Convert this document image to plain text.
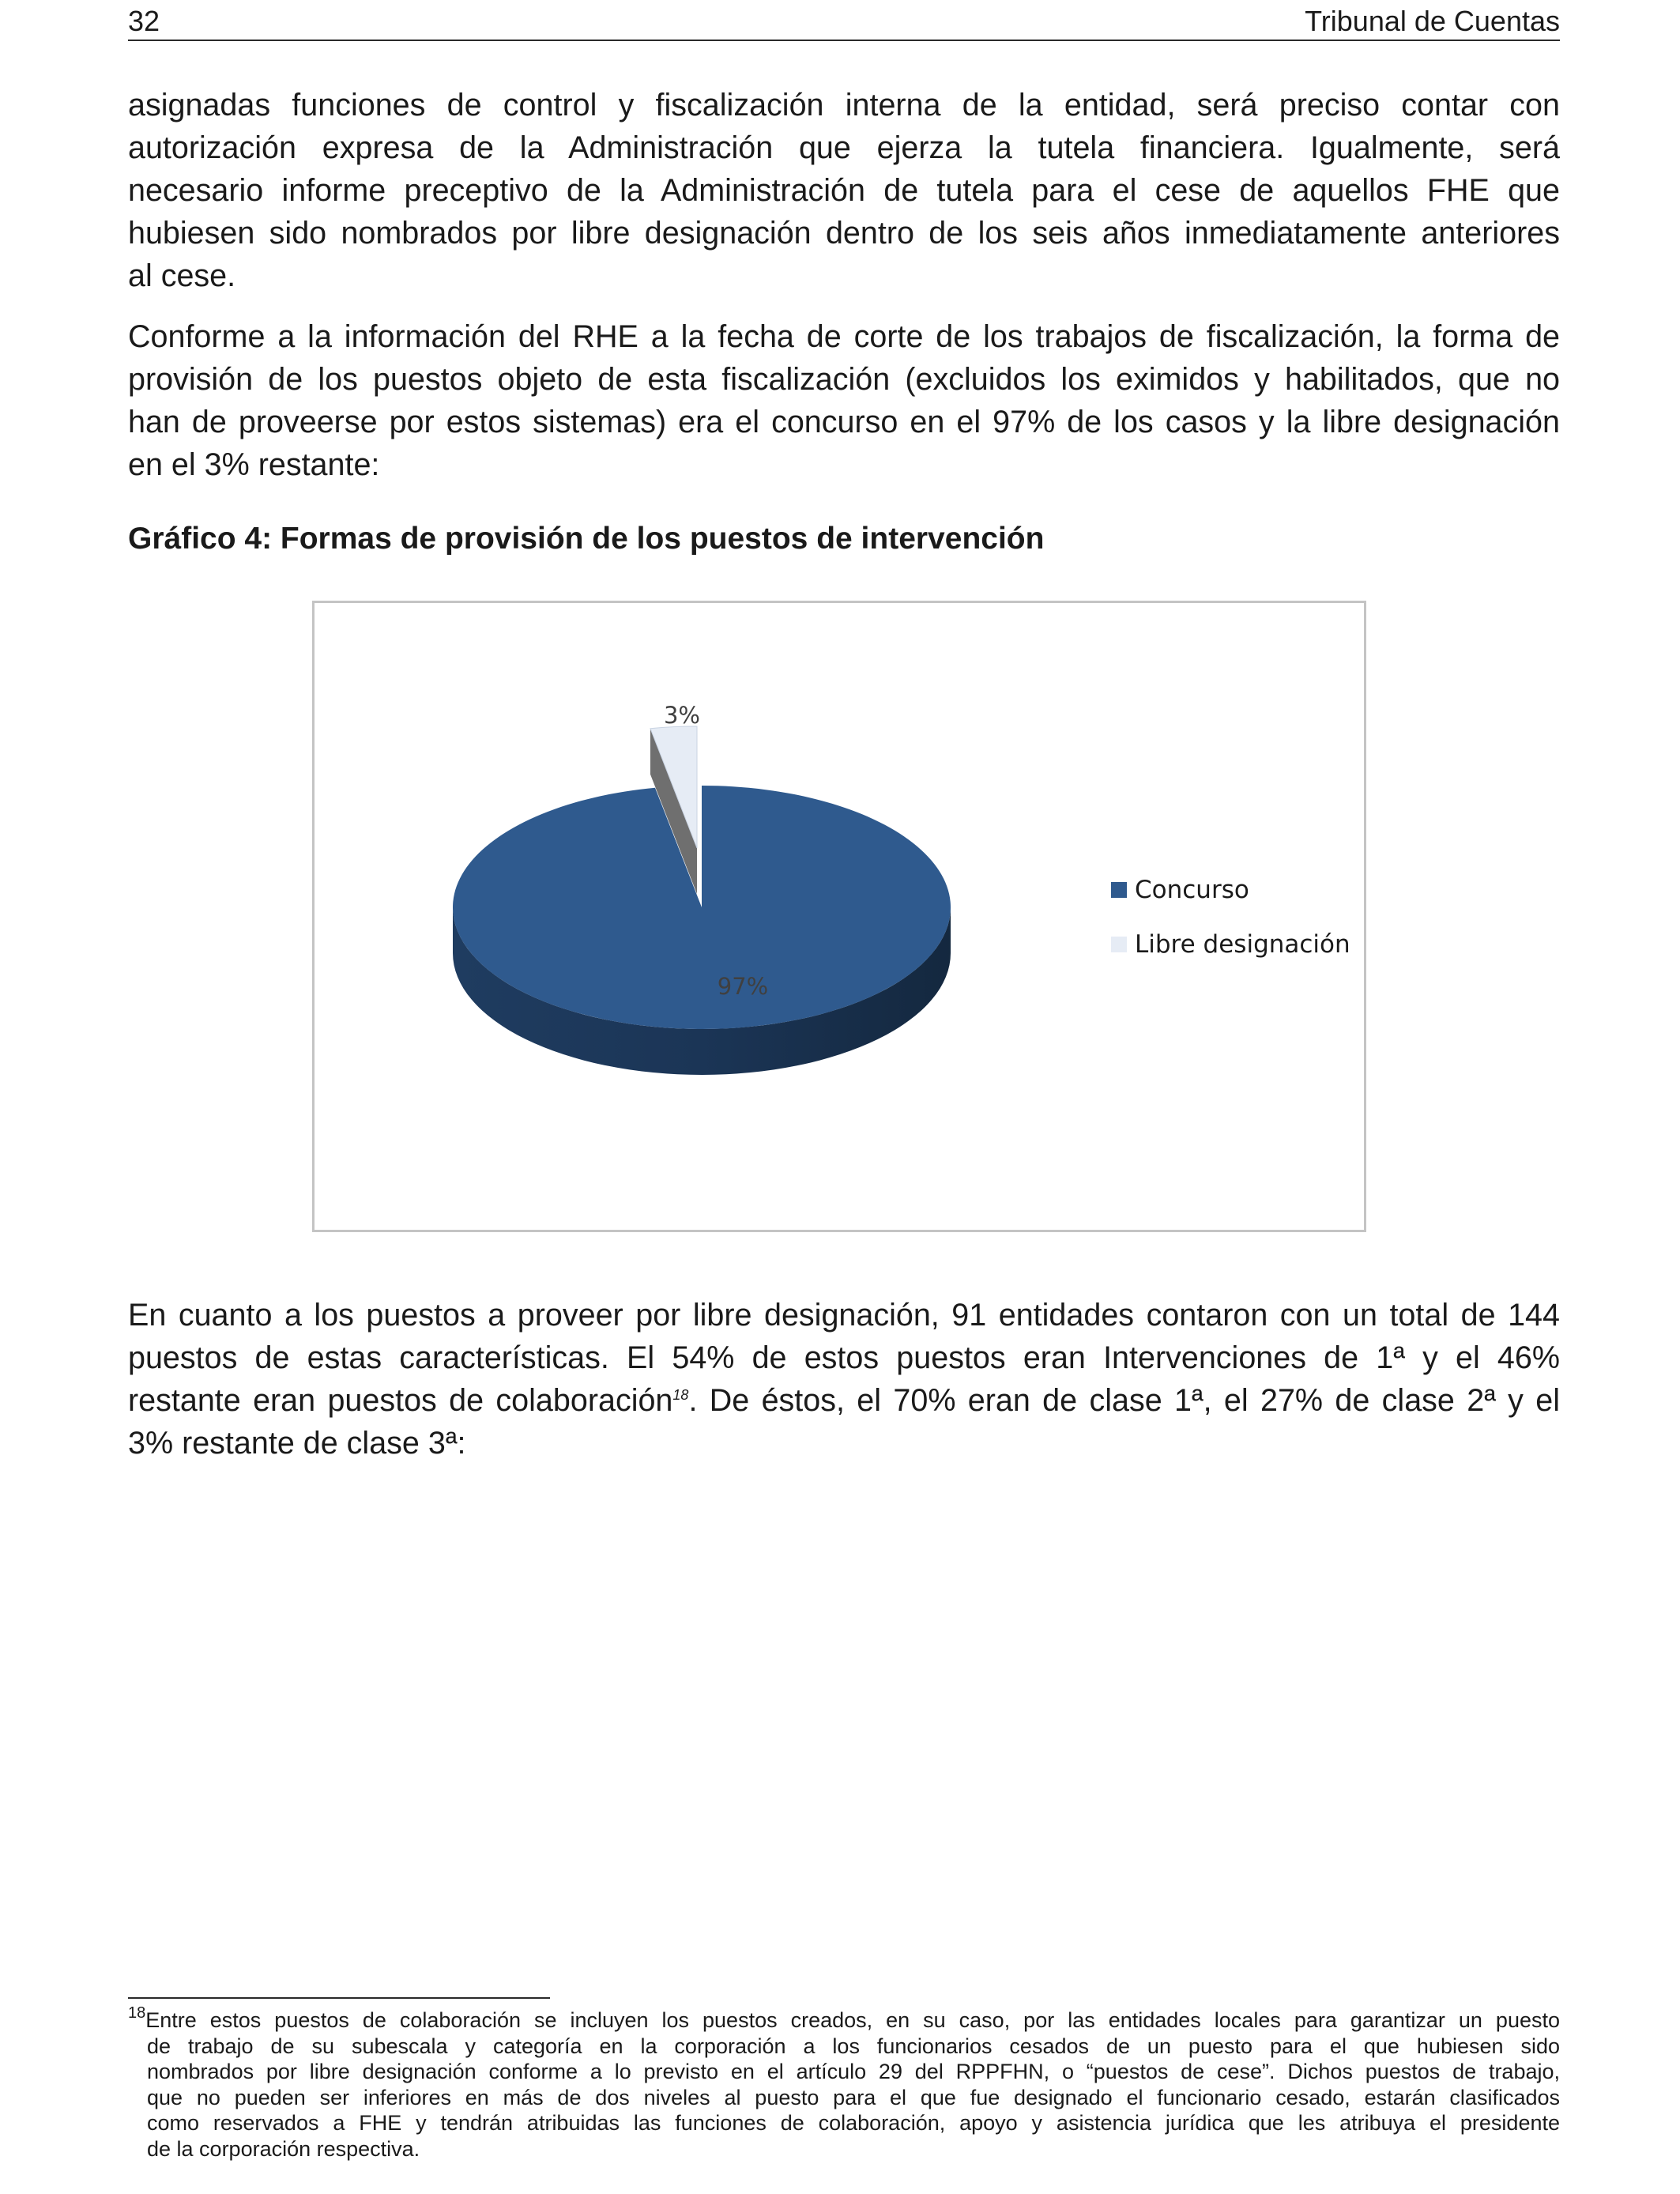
32	Tribunal de Cuentas
asignadas funciones de control y fiscalización interna de la entidad, será preciso contar con
autorización expresa de la Administración que ejerza la tutela financiera. Igualmente, será
necesario informe preceptivo de la Administración de tutela para el cese de aquellos FHE que
hubiesen sido nombrados por libre designación dentro de los seis años inmediatamente anteriores
al cese.
Conforme a la información del RHE a la fecha de corte de los trabajos de fiscalización, la forma de
provisión de los puestos objeto de esta fiscalización (excluidos los eximidos y habilitados, que no
han de proveerse por estos sistemas) era el concurso en el 97% de los casos y la libre designación
en el 3% restante:

Gráfico 4: Formas de provisión de los puestos de intervención

3%
97%
Concurso
Libre designación
En cuanto a los puestos a proveer por libre designación, 91 entidades contaron con un total de 144
puestos de estas características. El 54% de estos puestos eran Intervenciones de 1ª y el 46%
restante eran puestos de colaboración$^{18}$. De éstos, el 70% eran de clase 1ª, el 27% de clase 2ª y el
3% restante de clase 3ª:
$^{18}$Entre estos puestos de colaboración se incluyen los puestos creados, en su caso, por las entidades locales para garantizar un puesto
de trabajo de su subescala y categoría en la corporación a los funcionarios cesados de un puesto para el que hubiesen sido
nombrados por libre designación conforme a lo previsto en el artículo 29 del RPPFHN, o “puestos de cese”. Dichos puestos de trabajo,
que no pueden ser inferiores en más de dos niveles al puesto para el que fue designado el funcionario cesado, estarán clasificados
como reservados a FHE y tendrán atribuidas las funciones de colaboración, apoyo y asistencia jurídica que les atribuya el presidente
de la corporación respectiva.
